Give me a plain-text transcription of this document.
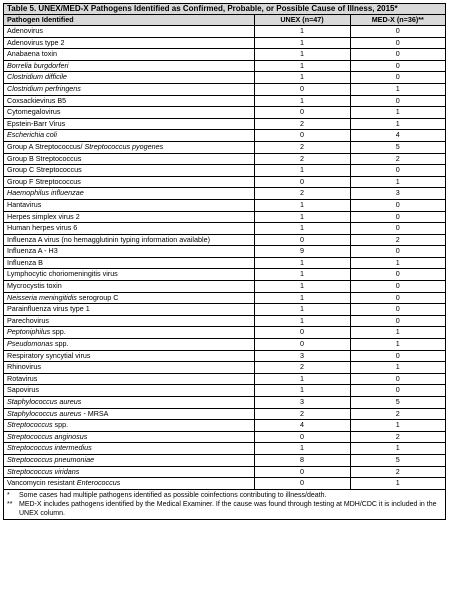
Table 5. UNEX/MED-X Pathogens Identified as Confirmed, Probable, or Possible Cause of Illness, 2015*
Pathogen Identified	UNEX (n=47)	MED-X (n=36)**
Adenovirus	1	0
Adenovirus type 2	1	0
Anabaena toxin	1	0
Borrelia burgdorferi	1	0
Clostridium difficile	1	0
Clostridium perfringens	0	1
Coxsackievirus B5	1	0
Cytomegalovirus	0	1
Epstein-Barr Virus	2	1
Escherichia coli	0	4
Group A Streptococcus/ Streptococcus pyogenes	2	5
Group B Streptococcus	2	2
Group C Streptococcus	1	0
Group F Streptococcus	0	1
Haemophilus influenzae	2	3
Hantavirus	1	0
Herpes simplex virus 2	1	0
Human herpes virus 6	1	0
Influenza A virus (no hemagglutinin typing information available)	0	2
Influenza A - H3	9	0
Influenza B	1	1
Lymphocytic choriomeningitis virus	1	0
Mycrocystis toxin	1	0
Neisseria meningitidis serogroup C	1	0
Parainfluenza virus type 1	1	0
Parechovirus	1	0
Peptoniphilus spp.	0	1
Pseudomonas spp.	0	1
Respiratory syncytial virus	3	0
Rhinovirus	2	1
Rotavirus	1	0
Sapovirus	1	0
Staphylococcus aureus	3	5
Staphylococcus aureus - MRSA	2	2
Streptococcus spp.	4	1
Streptococcus anginosus	0	2
Streptococcus intermedius	1	1
Streptococcus pneumoniae	8	5
Streptococcus viridans	0	2
Vancomycin resistant Enterococcus	0	1
*	Some cases had multiple pathogens identified as possible coinfections contributing to illness/death.
** MED-X includes pathogens identified by the Medical Examiner. If the cause was found through testing at MDH/CDC it is included in the UNEX column.
